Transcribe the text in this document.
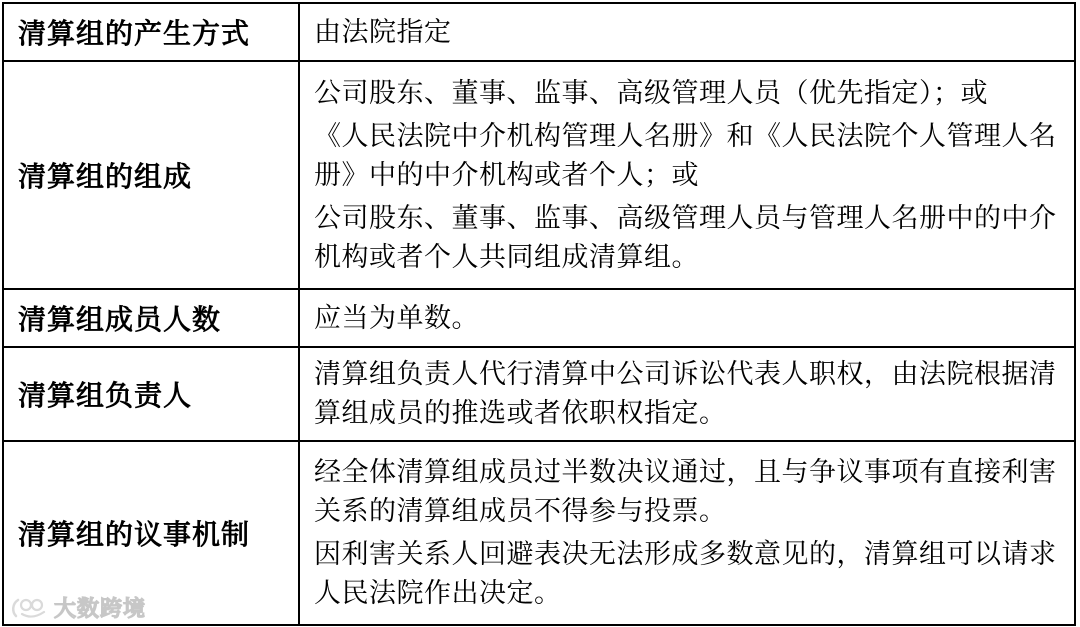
清算组的产生方式	由法院指定

清算组的组成	公司股东、董事、监事、高级管理人员（优先指定）；或

《人民法院中介机构管理人名册》和《人民法院个人管理人名册》中的中介机构或者个人；或

公司股东、董事、监事、高级管理人员与管理人名册中的中介机构或者个人共同组成清算组。

清算组成员人数	应当为单数。

清算组负责人	清算组负责人代行清算中公司诉讼代表人职权，由法院根据清算组成员的推选或者依职权指定。

清算组的议事机制	经全体清算组成员过半数决议通过，且与争议事项有直接利害关系的清算组成员不得参与投票。

因利害关系人回避表决无法形成多数意见的，清算组可以请求人民法院作出决定。

大数跨境
